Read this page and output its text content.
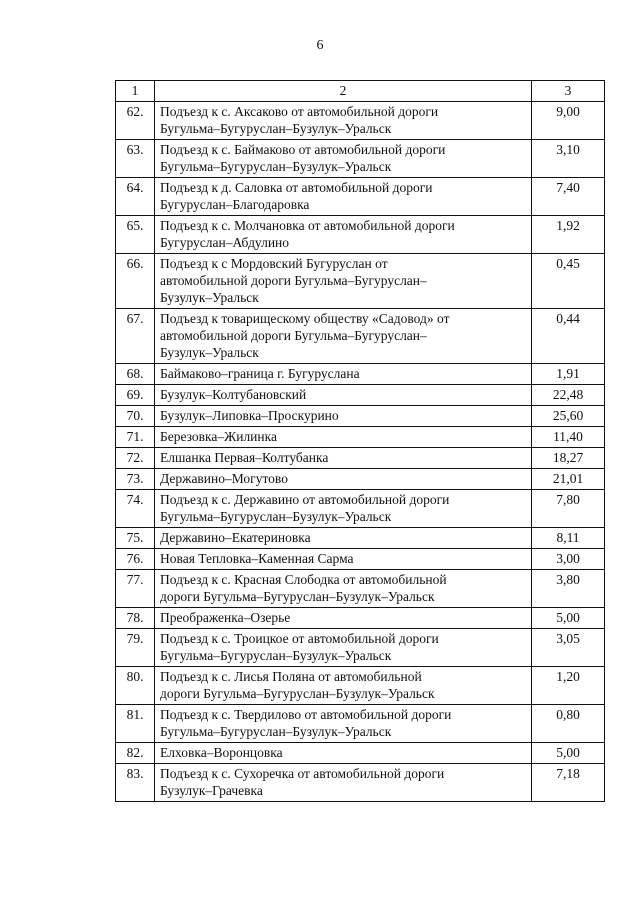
6
1	2	3
62.	Подъезд к с. Аксаково от автомобильной дороги
Бугульма–Бугуруслан–Бузулук–Уральск	9,00
63.	Подъезд к с. Баймаково от автомобильной дороги
Бугульма–Бугуруслан–Бузулук–Уральск	3,10
64.	Подъезд к д. Саловка от автомобильной дороги
Бугуруслан–Благодаровка	7,40
65.	Подъезд к с. Молчановка от автомобильной дороги
Бугуруслан–Абдулино	1,92
66.	Подъезд к с Мордовский Бугуруслан от
автомобильной дороги Бугульма–Бугуруслан–
Бузулук–Уральск	0,45
67.	Подъезд к товарищескому обществу «Садовод» от
автомобильной дороги Бугульма–Бугуруслан–
Бузулук–Уральск	0,44
68.	Баймаково–граница г. Бугуруслана	1,91
69.	Бузулук–Колтубановский	22,48
70.	Бузулук–Липовка–Проскурино	25,60
71.	Березовка–Жилинка	11,40
72.	Елшанка Первая–Колтубанка	18,27
73.	Державино–Могутово	21,01
74.	Подъезд к с. Державино от автомобильной дороги
Бугульма–Бугуруслан–Бузулук–Уральск	7,80
75.	Державино–Екатериновка	8,11
76.	Новая Тепловка–Каменная Сарма	3,00
77.	Подъезд к с. Красная Слободка от автомобильной
дороги Бугульма–Бугуруслан–Бузулук–Уральск	3,80
78.	Преображенка–Озерье	5,00
79.	Подъезд к с. Троицкое от автомобильной дороги
Бугульма–Бугуруслан–Бузулук–Уральск	3,05
80.	Подъезд к с. Лисья Поляна от автомобильной
дороги Бугульма–Бугуруслан–Бузулук–Уральск	1,20
81.	Подъезд к с. Твердилово от автомобильной дороги
Бугульма–Бугуруслан–Бузулук–Уральск	0,80
82.	Елховка–Воронцовка	5,00
83.	Подъезд к с. Сухоречка от автомобильной дороги
Бузулук–Грачевка	7,18
